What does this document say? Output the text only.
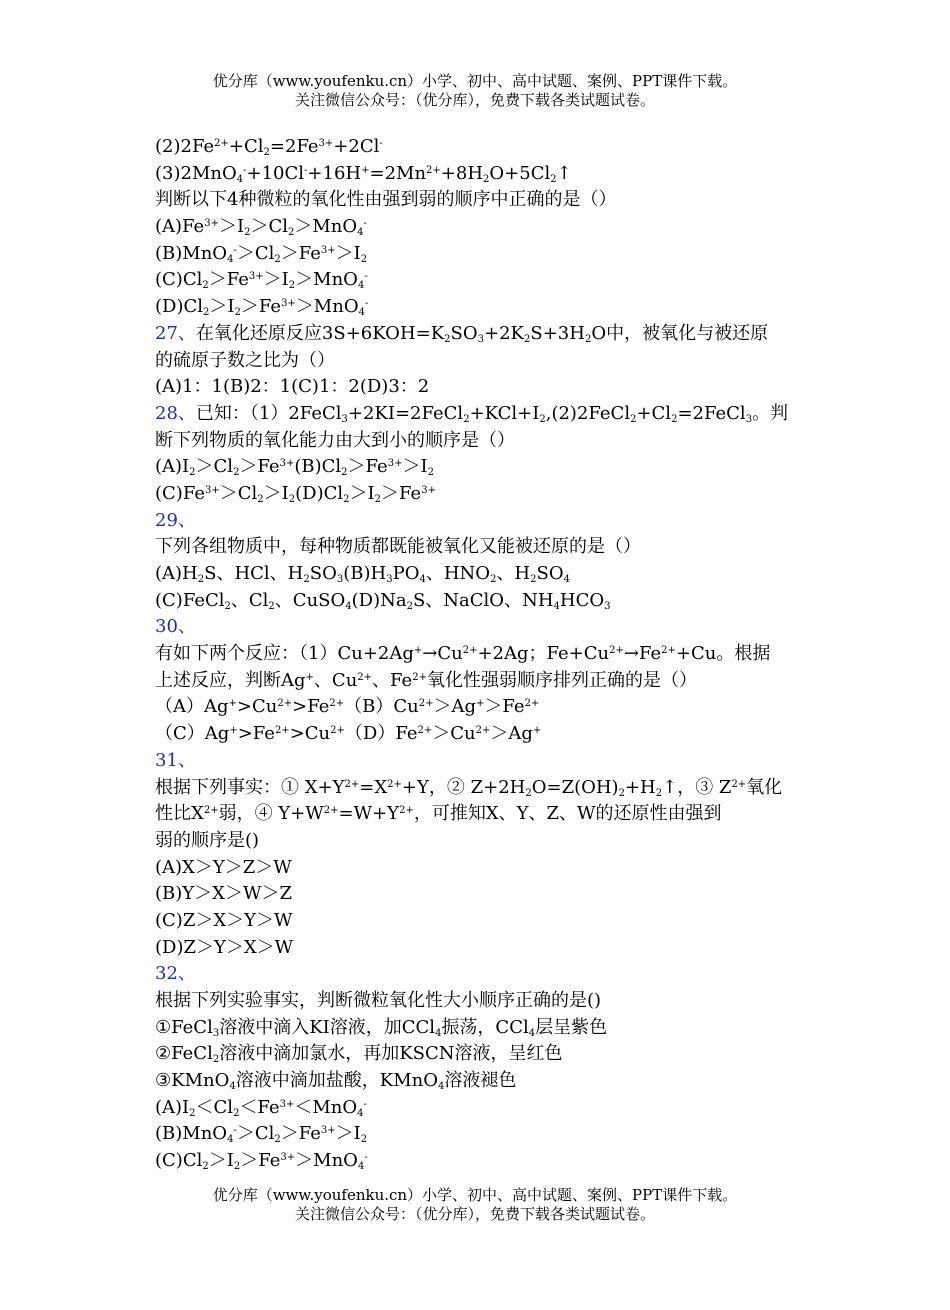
优分库（www.youfenku.cn）小学、初中、高中试题、案例、PPT课件下载。
关注微信公众号：（优分库），免费下载各类试题试卷。
$(2)2Fe^{2+}+Cl_2=2Fe^{3+}+2Cl^-$
$(3)2MnO_4^-+10Cl^-+16H^+=2Mn^{2+}+8H_2O+5Cl_2↑$
判断以下4种微粒的氧化性由强到弱的顺序中正确的是（）
$(A)Fe^{3+}>I_2>Cl_2>MnO_4^-$
$(B)MnO_4^->Cl_2>Fe^{3+}>I_2$
$(C)Cl_2>Fe^{3+}>I_2>MnO_4^-$
$(D)Cl_2>I_2>Fe^{3+}>MnO_4^-$
27、在氧化还原反应$3S+6KOH=K_2SO_3+2K_2S+3H_2O$中，被氧化与被还原
的硫原子数之比为（）
(A)1：1(B)2：1(C)1：2(D)3：2
28、已知：$(1)2FeCl_3+2KI=2FeCl_2+KCl+I_2,(2)2FeCl_2+Cl_2=2FeCl_3$。判
断下列物质的氧化能力由大到小的顺序是（）
$(A)I_2>Cl_2>Fe^{3+}(B)Cl_2>Fe^{3+}>I_2$
$(C)Fe^{3+}>Cl_2>I_2(D)Cl_2>I_2>Fe^{3+}$
29、
下列各组物质中，每种物质都既能被氧化又能被还原的是（）
$(A)H_2S$、HCl、$H_2SO_3(B)H_3PO_4$、$HNO_2$、$H_2SO_4$
(C)FeCl$_2$、$Cl_2$、$CuSO_4(D)Na_2S$、NaClO、$NH_4HCO_3$
30、
有如下两个反应：$(1)Cu+2Ag^+\to Cu^{2+}+2Ag$；$Fe+Cu^{2+}\to Fe^{2+}+Cu$。根据
上述反应，判断Ag+、$Cu^{2+}$、$Fe^{2+}$氧化性强弱顺序排列正确的是（）
$(A)Ag^+>Cu^{2+}>Fe^{2+}(B)Cu^{2+}>Ag^+>Fe^{2+}$
$(C)Ag^+>Fe^{2+}>Cu^{2+}(D)Fe^{2+}>Cu^{2+}>Ag^+$
31、
根据下列事实：① $X+Y^{2+}=X^{2+}+Y$，② $Z+2H_2O=Z(OH)_2+H_2↑$，③ $Z^{2+}$氧化
性比$X^{2+}$弱，④ $Y+W^{2+}=W+Y^{2+}$，可推知X、Y、Z、W的还原性由强到
弱的顺序是()
(A)X＞Y＞Z＞W
(B)Y＞X＞W＞Z
(C)Z＞X＞Y＞W
(D)Z＞Y＞X＞W
32、
根据下列实验事实，判断微粒氧化性大小顺序正确的是()
①FeCl$_3$溶液中滴入KI溶液，加CCl$_4$振荡，CCl$_4$层呈紫色
②FeCl$_2$溶液中滴加氯水，再加KSCN溶液，呈红色
③KMnO$_4$溶液中滴加盐酸，KMnO$_4$溶液褪色
$(A)I_2<Cl_2<Fe^{3+}<MnO_4^-$
$(B)MnO_4^->Cl_2>Fe^{3+}>I_2$
$(C)Cl_2>I_2>Fe^{3+}>MnO_4^-$
优分库（www.youfenku.cn）小学、初中、高中试题、案例、PPT课件下载。
关注微信公众号：（优分库），免费下载各类试题试卷。
